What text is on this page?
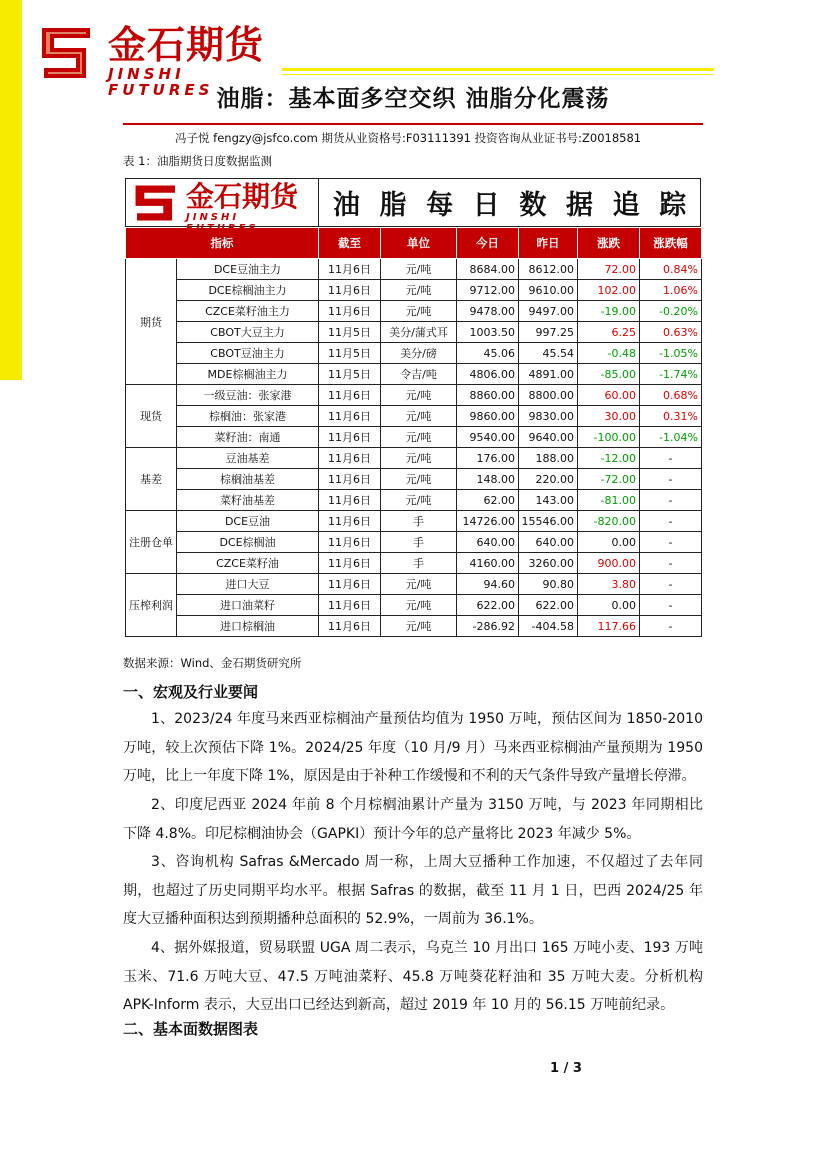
金石期货
JINSHI FUTURES 油脂：基本面多空交织 油脂分化震荡
冯子悦 fengzy@jsfco.com 期货从业资格号:F03111391 投资咨询从业证书号:Z0018581
表 1：油脂期货日度数据监测
金石期货
JINSHI FUTURES
油 脂 每 日 数 据 追 踪
指标		截至	单位	今日	昨日	涨跌	涨跌幅
期货	DCE豆油主力	11月6日	元/吨	8684.00	8612.00	72.00	0.84%
	DCE棕榈油主力	11月6日	元/吨	9712.00	9610.00	102.00	1.06%
	CZCE菜籽油主力	11月6日	元/吨	9478.00	9497.00	-19.00	-0.20%
	CBOT大豆主力	11月5日	美分/蒲式耳	1003.50	997.25	6.25	0.63%
	CBOT豆油主力	11月5日	美分/磅	45.06	45.54	-0.48	-1.05%
	MDE棕榈油主力	11月5日	令吉/吨	4806.00	4891.00	-85.00	-1.74%
现货	一级豆油：张家港	11月6日	元/吨	8860.00	8800.00	60.00	0.68%
	棕榈油：张家港	11月6日	元/吨	9860.00	9830.00	30.00	0.31%
	菜籽油：南通	11月6日	元/吨	9540.00	9640.00	-100.00	-1.04%
基差	豆油基差	11月6日	元/吨	176.00	188.00	-12.00	-
	棕榈油基差	11月6日	元/吨	148.00	220.00	-72.00	-
	菜籽油基差	11月6日	元/吨	62.00	143.00	-81.00	-
注册仓单	DCE豆油	11月6日	手	14726.00	15546.00	-820.00	-
	DCE棕榈油	11月6日	手	640.00	640.00	0.00	-
	CZCE菜籽油	11月6日	手	4160.00	3260.00	900.00	-
压榨利润	进口大豆	11月6日	元/吨	94.60	90.80	3.80	-
	进口油菜籽	11月6日	元/吨	622.00	622.00	0.00	-
	进口棕榈油	11月6日	元/吨	-286.92	-404.58	117.66	-
数据来源：Wind、金石期货研究所
一、宏观及行业要闻

1、2023/24 年度马来西亚棕榈油产量预估均值为 1950 万吨，预估区间为 1850-2010 万吨，较上次预估下降 1%。2024/25 年度（10 月/9 月）马来西亚棕榈油产量预期为 1950 万吨，比上一年度下降 1%，原因是由于补种工作缓慢和不利的天气条件导致产量增长停滞。

2、印度尼西亚 2024 年前 8 个月棕榈油累计产量为 3150 万吨，与 2023 年同期相比下降 4.8%。印尼棕榈油协会（GAPKI）预计今年的总产量将比 2023 年减少 5%。

3、咨询机构 Safras &Mercado 周一称，上周大豆播种工作加速，不仅超过了去年同期，也超过了历史同期平均水平。根据 Safras 的数据，截至 11 月 1 日，巴西 2024/25 年度大豆播种面积达到预期播种总面积的 52.9%，一周前为 36.1%。

4、据外媒报道，贸易联盟 UGA 周二表示，乌克兰 10 月出口 165 万吨小麦、193 万吨玉米、71.6 万吨大豆、47.5 万吨油菜籽、45.8 万吨葵花籽油和 35 万吨大麦。分析机构 APK-Inform 表示，大豆出口已经达到新高，超过 2019 年 10 月的 56.15 万吨前纪录。

二、基本面数据图表
1 / 3
